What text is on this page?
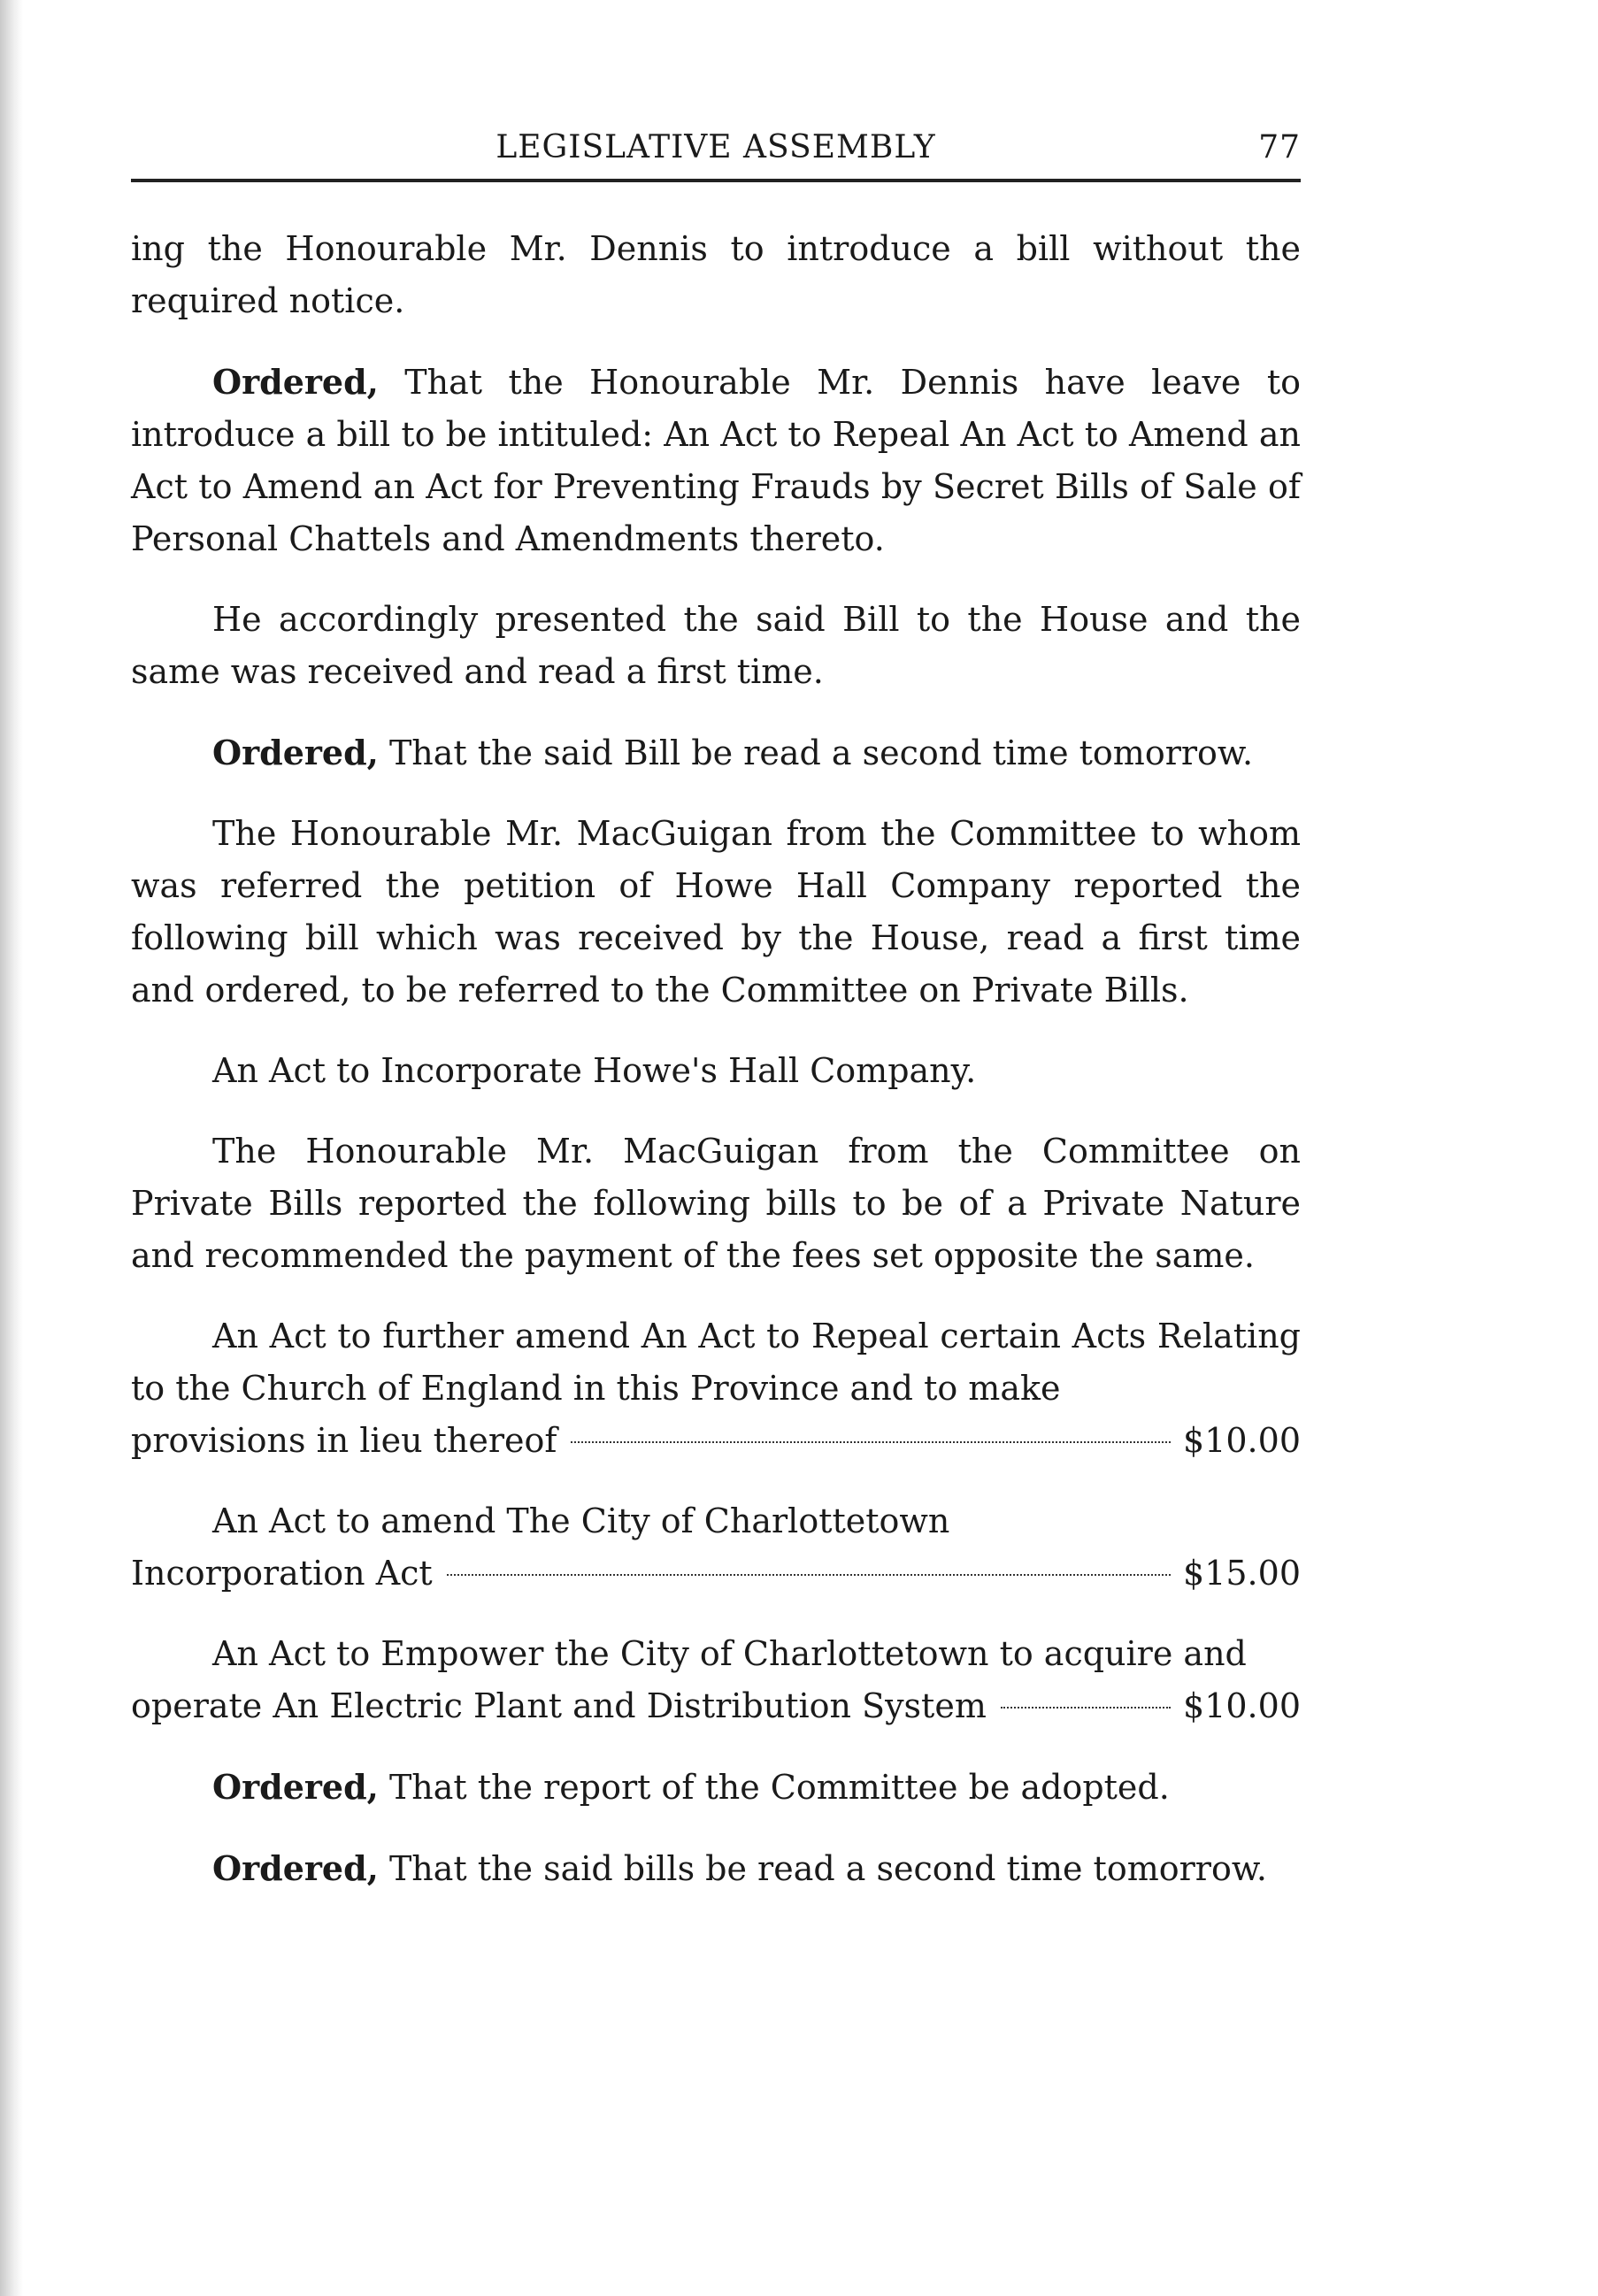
LEGISLATIVE ASSEMBLY	77

ing the Honourable Mr. Dennis to introduce a bill without the required notice.

Ordered, That the Honourable Mr. Dennis have leave to introduce a bill to be intituled: An Act to Repeal An Act to Amend an Act to Amend an Act for Preventing Frauds by Secret Bills of Sale of Personal Chattels and Amendments thereto.

He accordingly presented the said Bill to the House and the same was received and read a first time.

Ordered, That the said Bill be read a second time tomorrow.

The Honourable Mr. MacGuigan from the Committee to whom was referred the petition of Howe Hall Company reported the following bill which was received by the House, read a first time and ordered, to be referred to the Committee on Private Bills.

An Act to Incorporate Howe's Hall Company.

The Honourable Mr. MacGuigan from the Committee on Private Bills reported the following bills to be of a Private Nature and recommended the payment of the fees set opposite the same.

An Act to further amend An Act to Repeal certain Acts Relating to the Church of England in this Province and to make

provisions in lieu thereof	$10.00

An Act to amend The City of Charlottetown

Incorporation Act	$15.00

An Act to Empower the City of Charlottetown to acquire and

operate An Electric Plant and Distribution System	$10.00

Ordered, That the report of the Committee be adopted.

Ordered, That the said bills be read a second time tomorrow.
